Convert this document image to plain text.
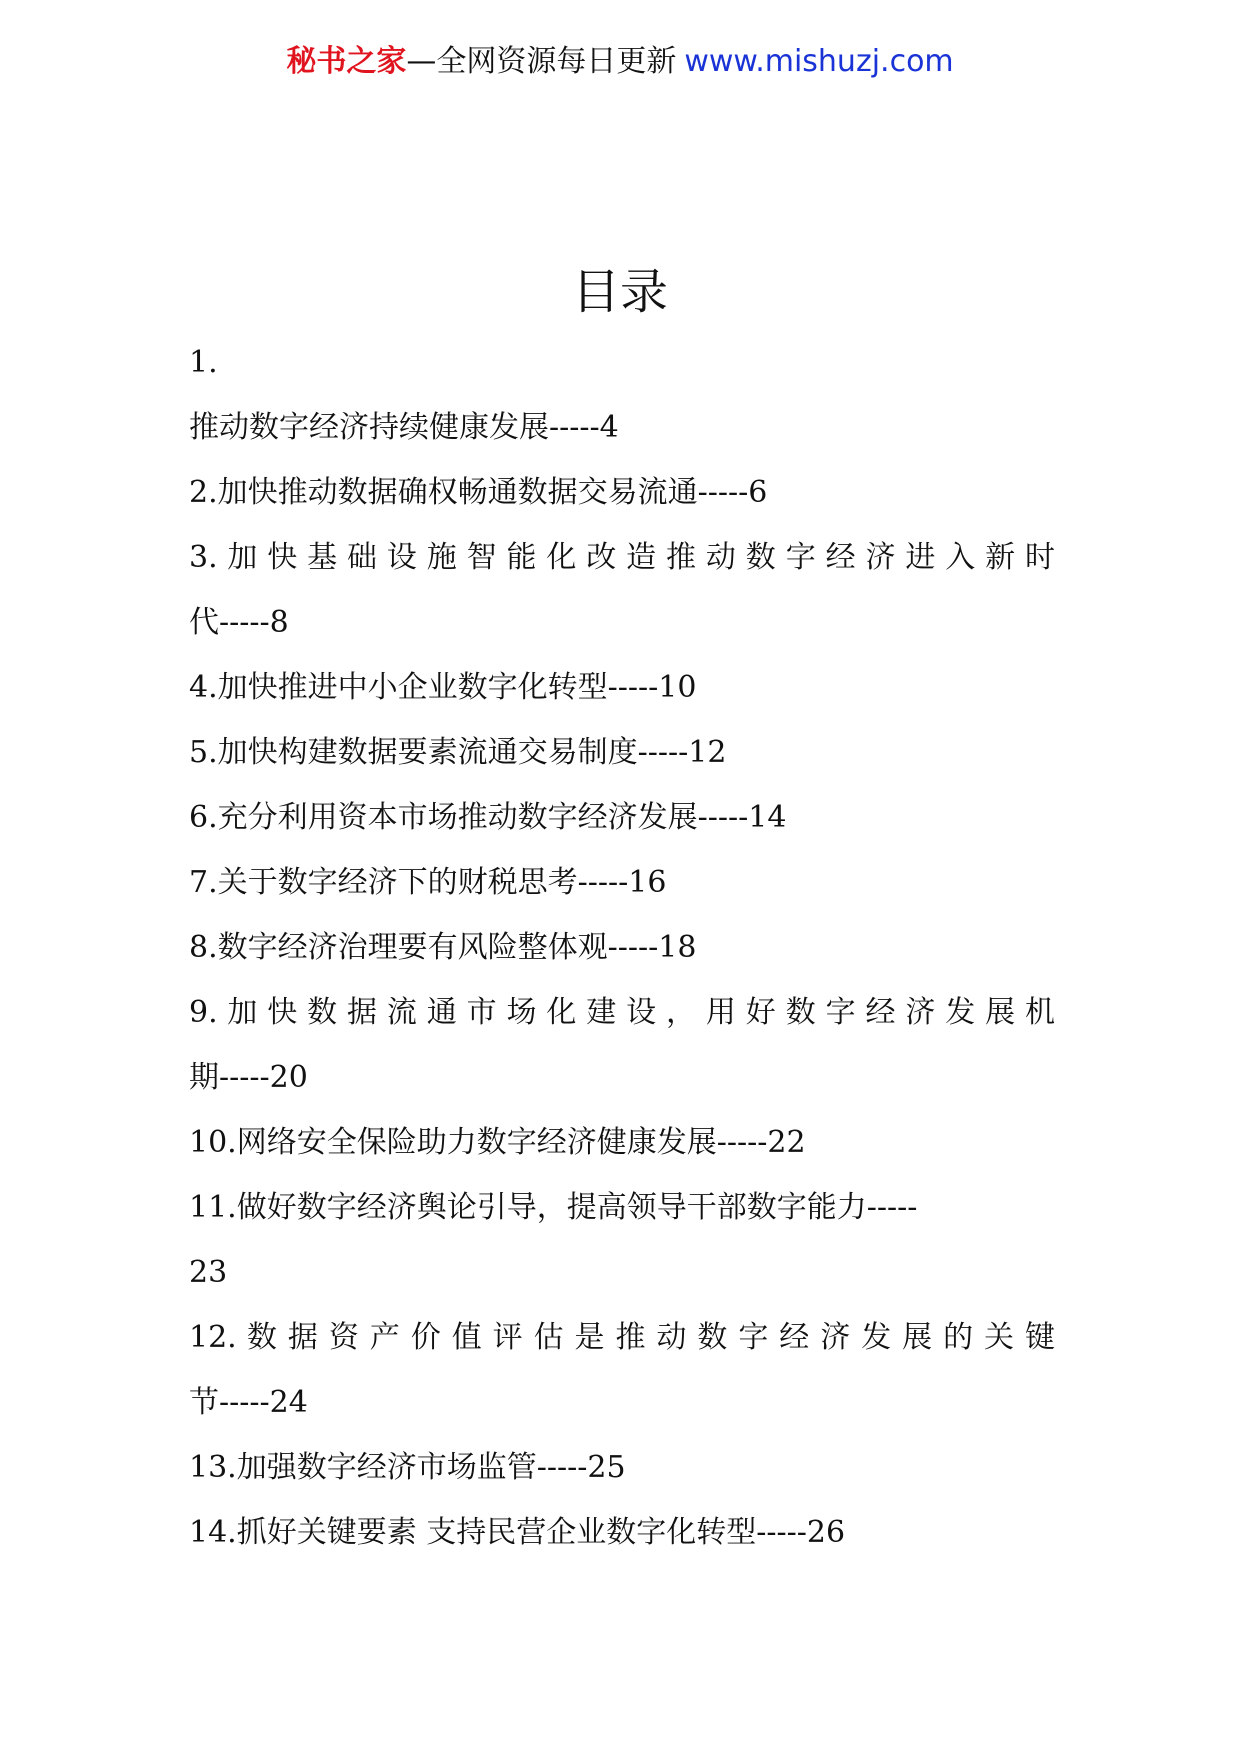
秘书之家—全网资源每日更新 www.mishuzj.com
目录
1.
推动数字经济持续健康发展-----4
2.加快推动数据确权畅通数据交易流通-----6
3. 加 快 基 础 设 施 智 能 化 改 造 推 动 数 字 经 济 进 入 新 时
代-----8
4.加快推进中小企业数字化转型-----10
5.加快构建数据要素流通交易制度-----12
6.充分利用资本市场推动数字经济发展-----14
7.关于数字经济下的财税思考-----16
8.数字经济治理要有风险整体观-----18
9. 加 快 数 据 流 通 市 场 化 建 设 ， 用 好 数 字 经 济 发 展 机
期-----20
10.网络安全保险助力数字经济健康发展-----22
11.做好数字经济舆论引导，提高领导干部数字能力-----
23
12. 数 据 资 产 价 值 评 估 是 推 动 数 字 经 济 发 展 的 关 键
节-----24
13.加强数字经济市场监管-----25
14.抓好关键要素 支持民营企业数字化转型-----26
